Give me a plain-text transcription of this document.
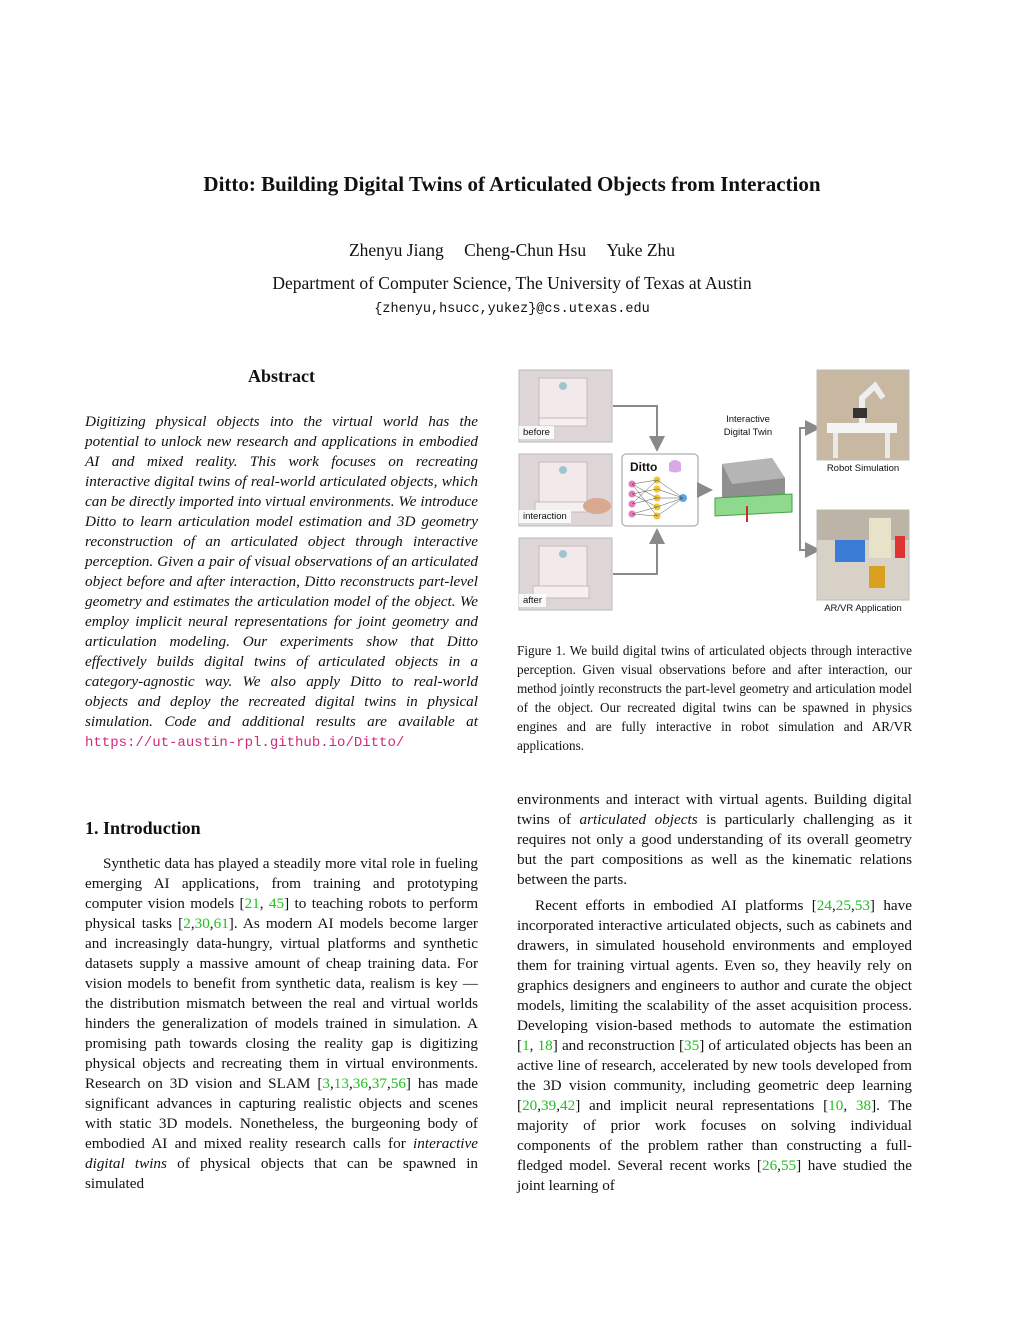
Ditto: Building Digital Twins of Articulated Objects from Interaction
Zhenyu Jiang Cheng-Chun Hsu Yuke Zhu
Department of Computer Science, The University of Texas at Austin
{zhenyu,hsucc,yukez}@cs.utexas.edu
Abstract
Digitizing physical objects into the virtual world has the potential to unlock new research and applications in embodied AI and mixed reality. This work focuses on recreating interactive digital twins of real-world articulated objects, which can be directly imported into virtual environments. We introduce Ditto to learn articulation model estimation and 3D geometry reconstruction of an articulated object through interactive perception. Given a pair of visual observations of an articulated object before and after interaction, Ditto reconstructs part-level geometry and estimates the articulation model of the object. We employ implicit neural representations for joint geometry and articulation modeling. Our experiments show that Ditto effectively builds digital twins of articulated objects in a category-agnostic way. We also apply Ditto to real-world objects and deploy the recreated digital twins in physical simulation. Code and additional results are available at https://ut-austin-rpl.github.io/Ditto/
1. Introduction
Synthetic data has played a steadily more vital role in fueling emerging AI applications, from training and prototyping computer vision models [21, 45] to teaching robots to perform physical tasks [2,30,61]. As modern AI models become larger and increasingly data-hungry, virtual platforms and synthetic datasets supply a massive amount of cheap training data. For vision models to benefit from synthetic data, realism is key — the distribution mismatch between the real and virtual worlds hinders the generalization of models trained in simulation. A promising path towards closing the reality gap is digitizing physical objects and recreating them in virtual environments. Research on 3D vision and SLAM [3,13,36,37,56] has made significant advances in capturing realistic objects and scenes with static 3D models. Nonetheless, the burgeoning body of embodied AI and mixed reality research calls for interactive digital twins of physical objects that can be spawned in simulated
before
interaction
after
Ditto
Interactive
Digital Twin
Robot Simulation
AR/VR Application
Figure 1. We build digital twins of articulated objects through interactive perception. Given visual observations before and after interaction, our method jointly reconstructs the part-level geometry and articulation model of the object. Our recreated digital twins can be spawned in physics engines and are fully interactive in robot simulation and AR/VR applications.

environments and interact with virtual agents. Building digital twins of articulated objects is particularly challenging as it requires not only a good understanding of its overall geometry but the part compositions as well as the kinematic relations between the parts.

Recent efforts in embodied AI platforms [24,25,53] have incorporated interactive articulated objects, such as cabinets and drawers, in simulated household environments and employed them for training virtual agents. Even so, they heavily rely on graphics designers and engineers to author and curate the object models, limiting the scalability of the asset acquisition process. Developing vision-based methods to automate the estimation [1, 18] and reconstruction [35] of articulated objects has been an active line of research, accelerated by new tools developed from the 3D vision community, including geometric deep learning [20,39,42] and implicit neural representations [10, 38]. The majority of prior work focuses on solving individual components of the problem rather than constructing a full-fledged model. Several recent works [26,55] have studied the joint learning of
